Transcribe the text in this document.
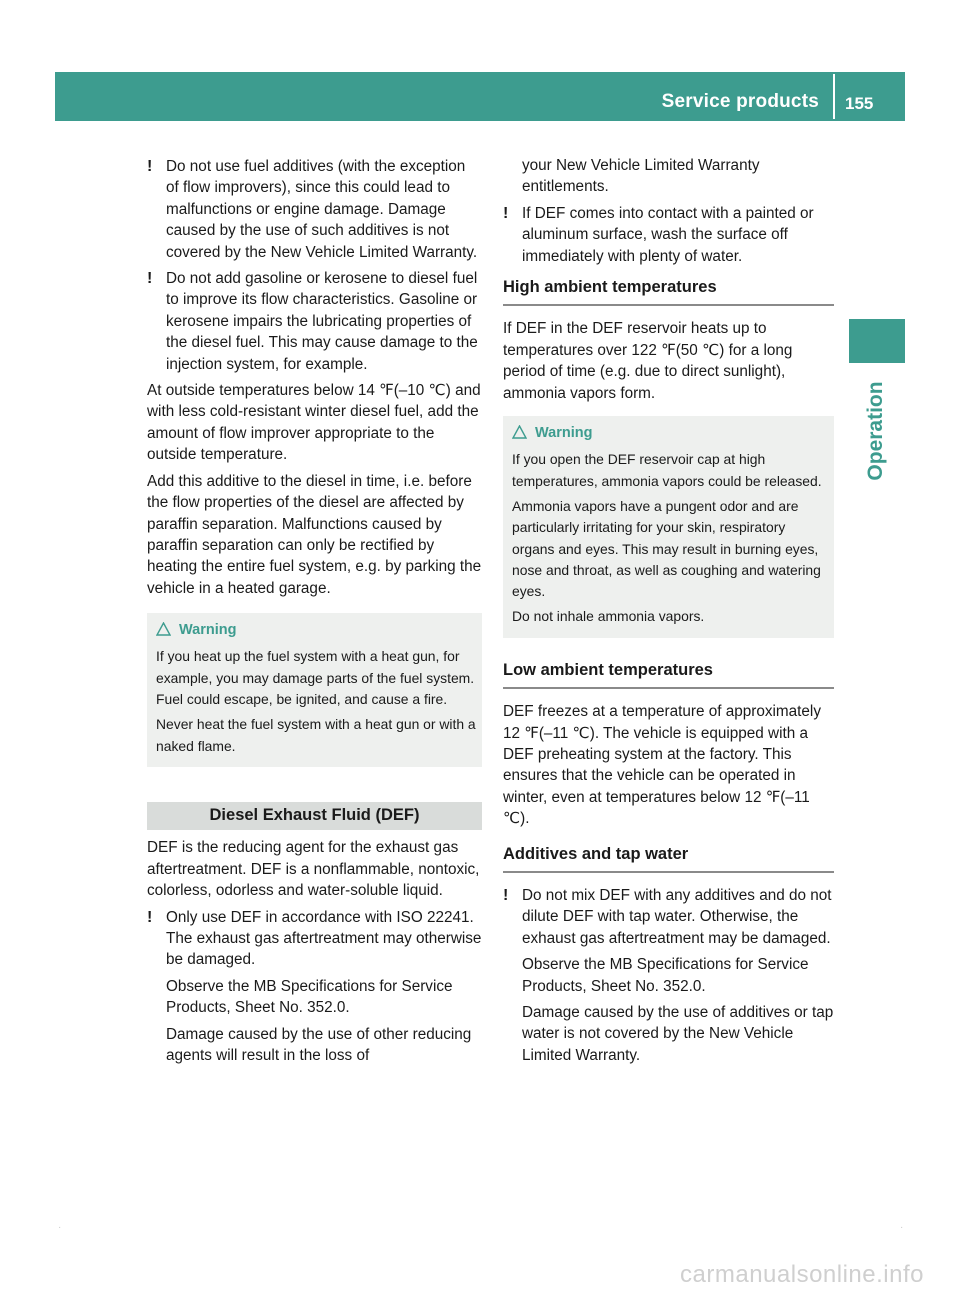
Service products 155
Operation
! Do not use fuel additives (with the exception of flow improvers), since this could lead to malfunctions or engine damage. Damage caused by the use of such additives is not covered by the New Vehicle Limited Warranty.

! Do not add gasoline or kerosene to diesel fuel to improve its flow characteristics. Gasoline or kerosene impairs the lubricating properties of the diesel fuel. This may cause damage to the injection system, for example.

At outside temperatures below 14 ℉(–10 ℃) and with less cold-resistant winter diesel fuel, add the amount of flow improver appropriate to the outside temperature.

Add this additive to the diesel in time, i.e. before the flow properties of the diesel are affected by paraffin separation. Malfunctions caused by paraffin separation can only be rectified by heating the entire fuel system, e.g. by parking the vehicle in a heated garage.

Warning

If you heat up the fuel system with a heat gun, for example, you may damage parts of the fuel system. Fuel could escape, be ignited, and cause a fire.

Never heat the fuel system with a heat gun or with a naked flame.

Diesel Exhaust Fluid (DEF)

DEF is the reducing agent for the exhaust gas aftertreatment. DEF is a nonflammable, nontoxic, colorless, odorless and water-soluble liquid.

! Only use DEF in accordance with ISO 22241. The exhaust gas aftertreatment may otherwise be damaged.

Observe the MB Specifications for Service Products, Sheet No. 352.0.

Damage caused by the use of other reducing agents will result in the loss of

your New Vehicle Limited Warranty entitlements.

! If DEF comes into contact with a painted or aluminum surface, wash the surface off immediately with plenty of water.

High ambient temperatures

If DEF in the DEF reservoir heats up to temperatures over 122 ℉(50 ℃) for a long period of time (e.g. due to direct sunlight), ammonia vapors form.

Warning

If you open the DEF reservoir cap at high temperatures, ammonia vapors could be released.

Ammonia vapors have a pungent odor and are particularly irritating for your skin, respiratory organs and eyes. This may result in burning eyes, nose and throat, as well as coughing and watering eyes.

Do not inhale ammonia vapors.

Low ambient temperatures

DEF freezes at a temperature of approximately 12 ℉(–11 ℃). The vehicle is equipped with a DEF preheating system at the factory. This ensures that the vehicle can be operated in winter, even at temperatures below 12 ℉(–11 ℃).

Additives and tap water
! Do not mix DEF with any additives and do not dilute DEF with tap water. Otherwise, the exhaust gas aftertreatment may be damaged.

Observe the MB Specifications for Service Products, Sheet No. 352.0.

Damage caused by the use of additives or tap water is not covered by the New Vehicle Limited Warranty.

·	·
carmanualsonline.info
